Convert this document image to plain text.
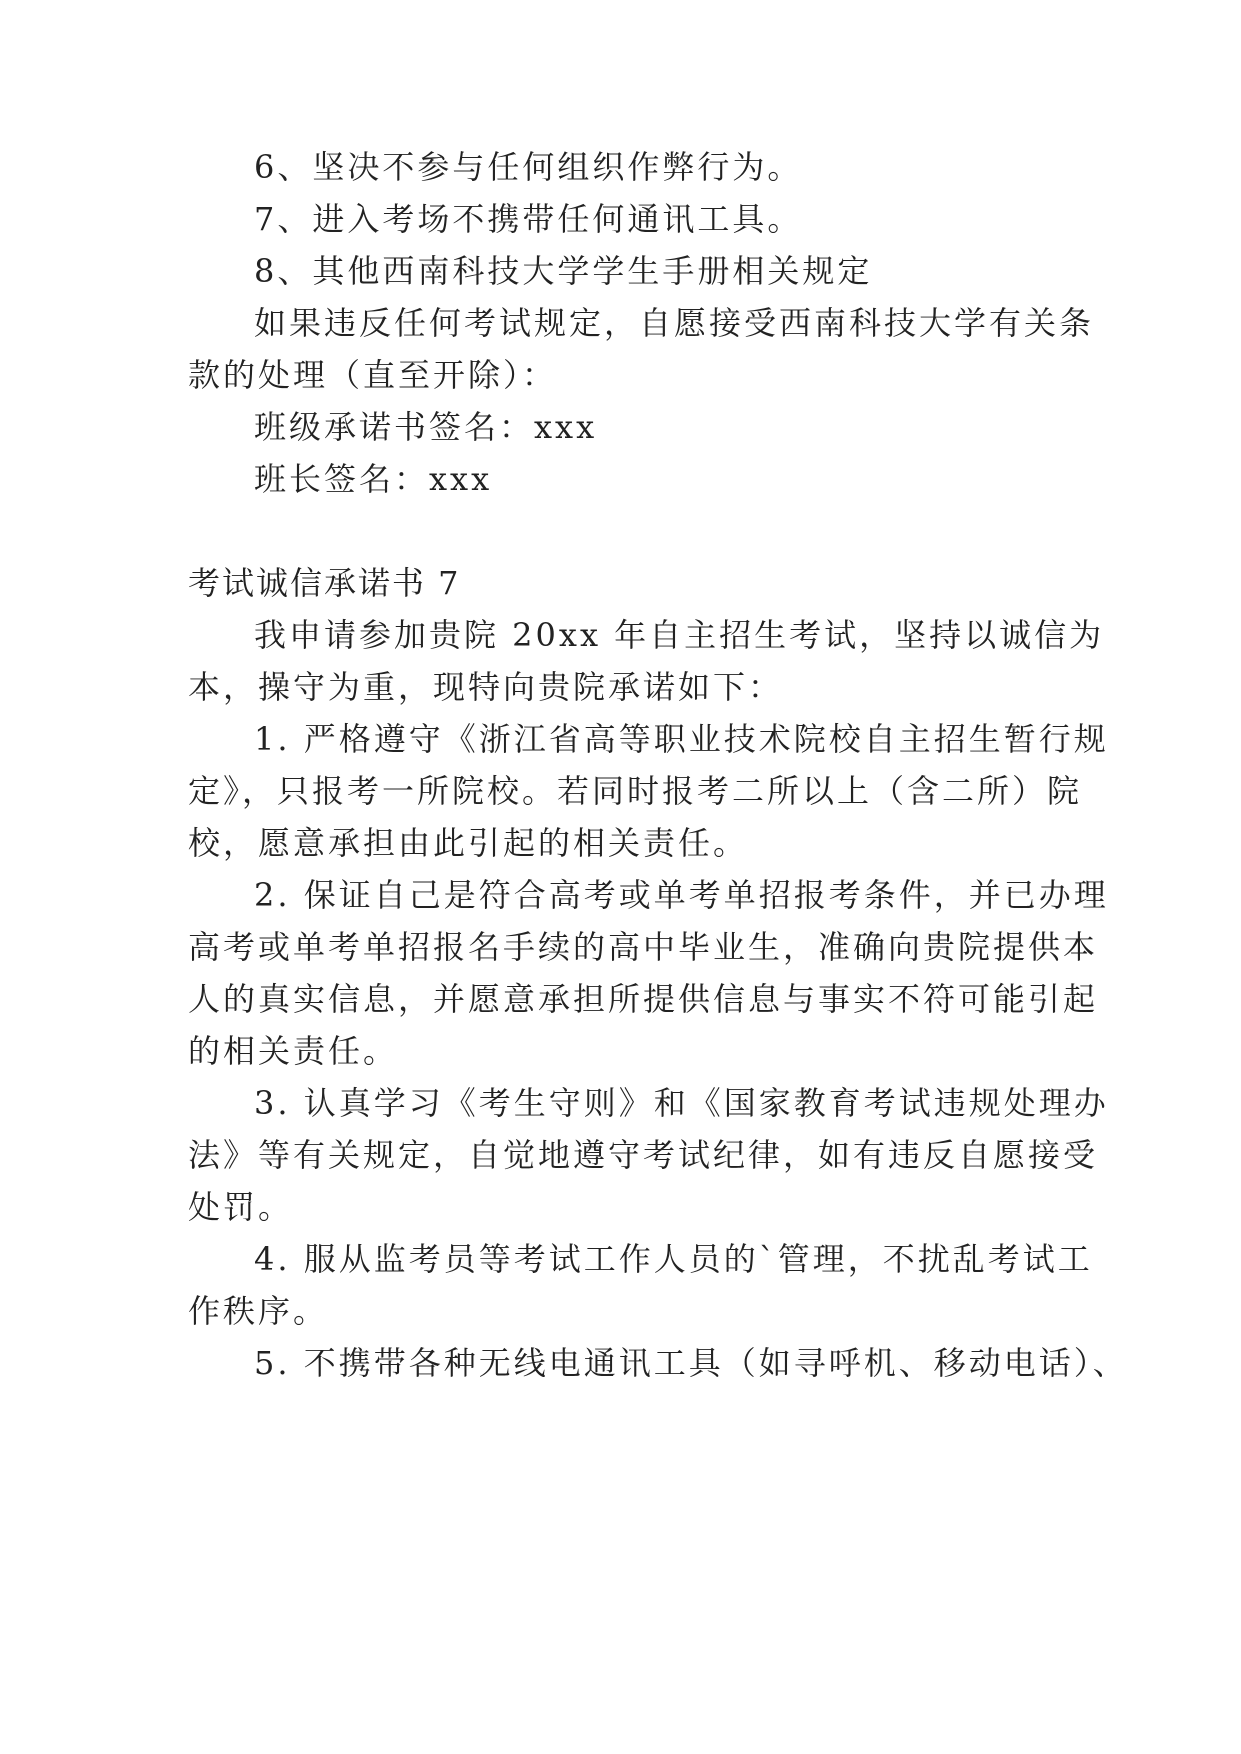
6、坚决不参与任何组织作弊行为。
7、进入考场不携带任何通讯工具。
8、其他西南科技大学学生手册相关规定
如果违反任何考试规定，自愿接受西南科技大学有关条
款的处理（直至开除）：
班级承诺书签名：xxx
班长签名：xxx
考试诚信承诺书 7
我申请参加贵院 20xx 年自主招生考试，坚持以诚信为
本，操守为重，现特向贵院承诺如下：
1. 严格遵守《浙江省高等职业技术院校自主招生暂行规
定》，只报考一所院校。若同时报考二所以上（含二所）院
校，愿意承担由此引起的相关责任。
2. 保证自己是符合高考或单考单招报考条件，并已办理
高考或单考单招报名手续的高中毕业生，准确向贵院提供本
人的真实信息，并愿意承担所提供信息与事实不符可能引起
的相关责任。
3. 认真学习《考生守则》和《国家教育考试违规处理办
法》等有关规定，自觉地遵守考试纪律，如有违反自愿接受
处罚。
4. 服从监考员等考试工作人员的`管理，不扰乱考试工
作秩序。
5. 不携带各种无线电通讯工具（如寻呼机、移动电话）、
